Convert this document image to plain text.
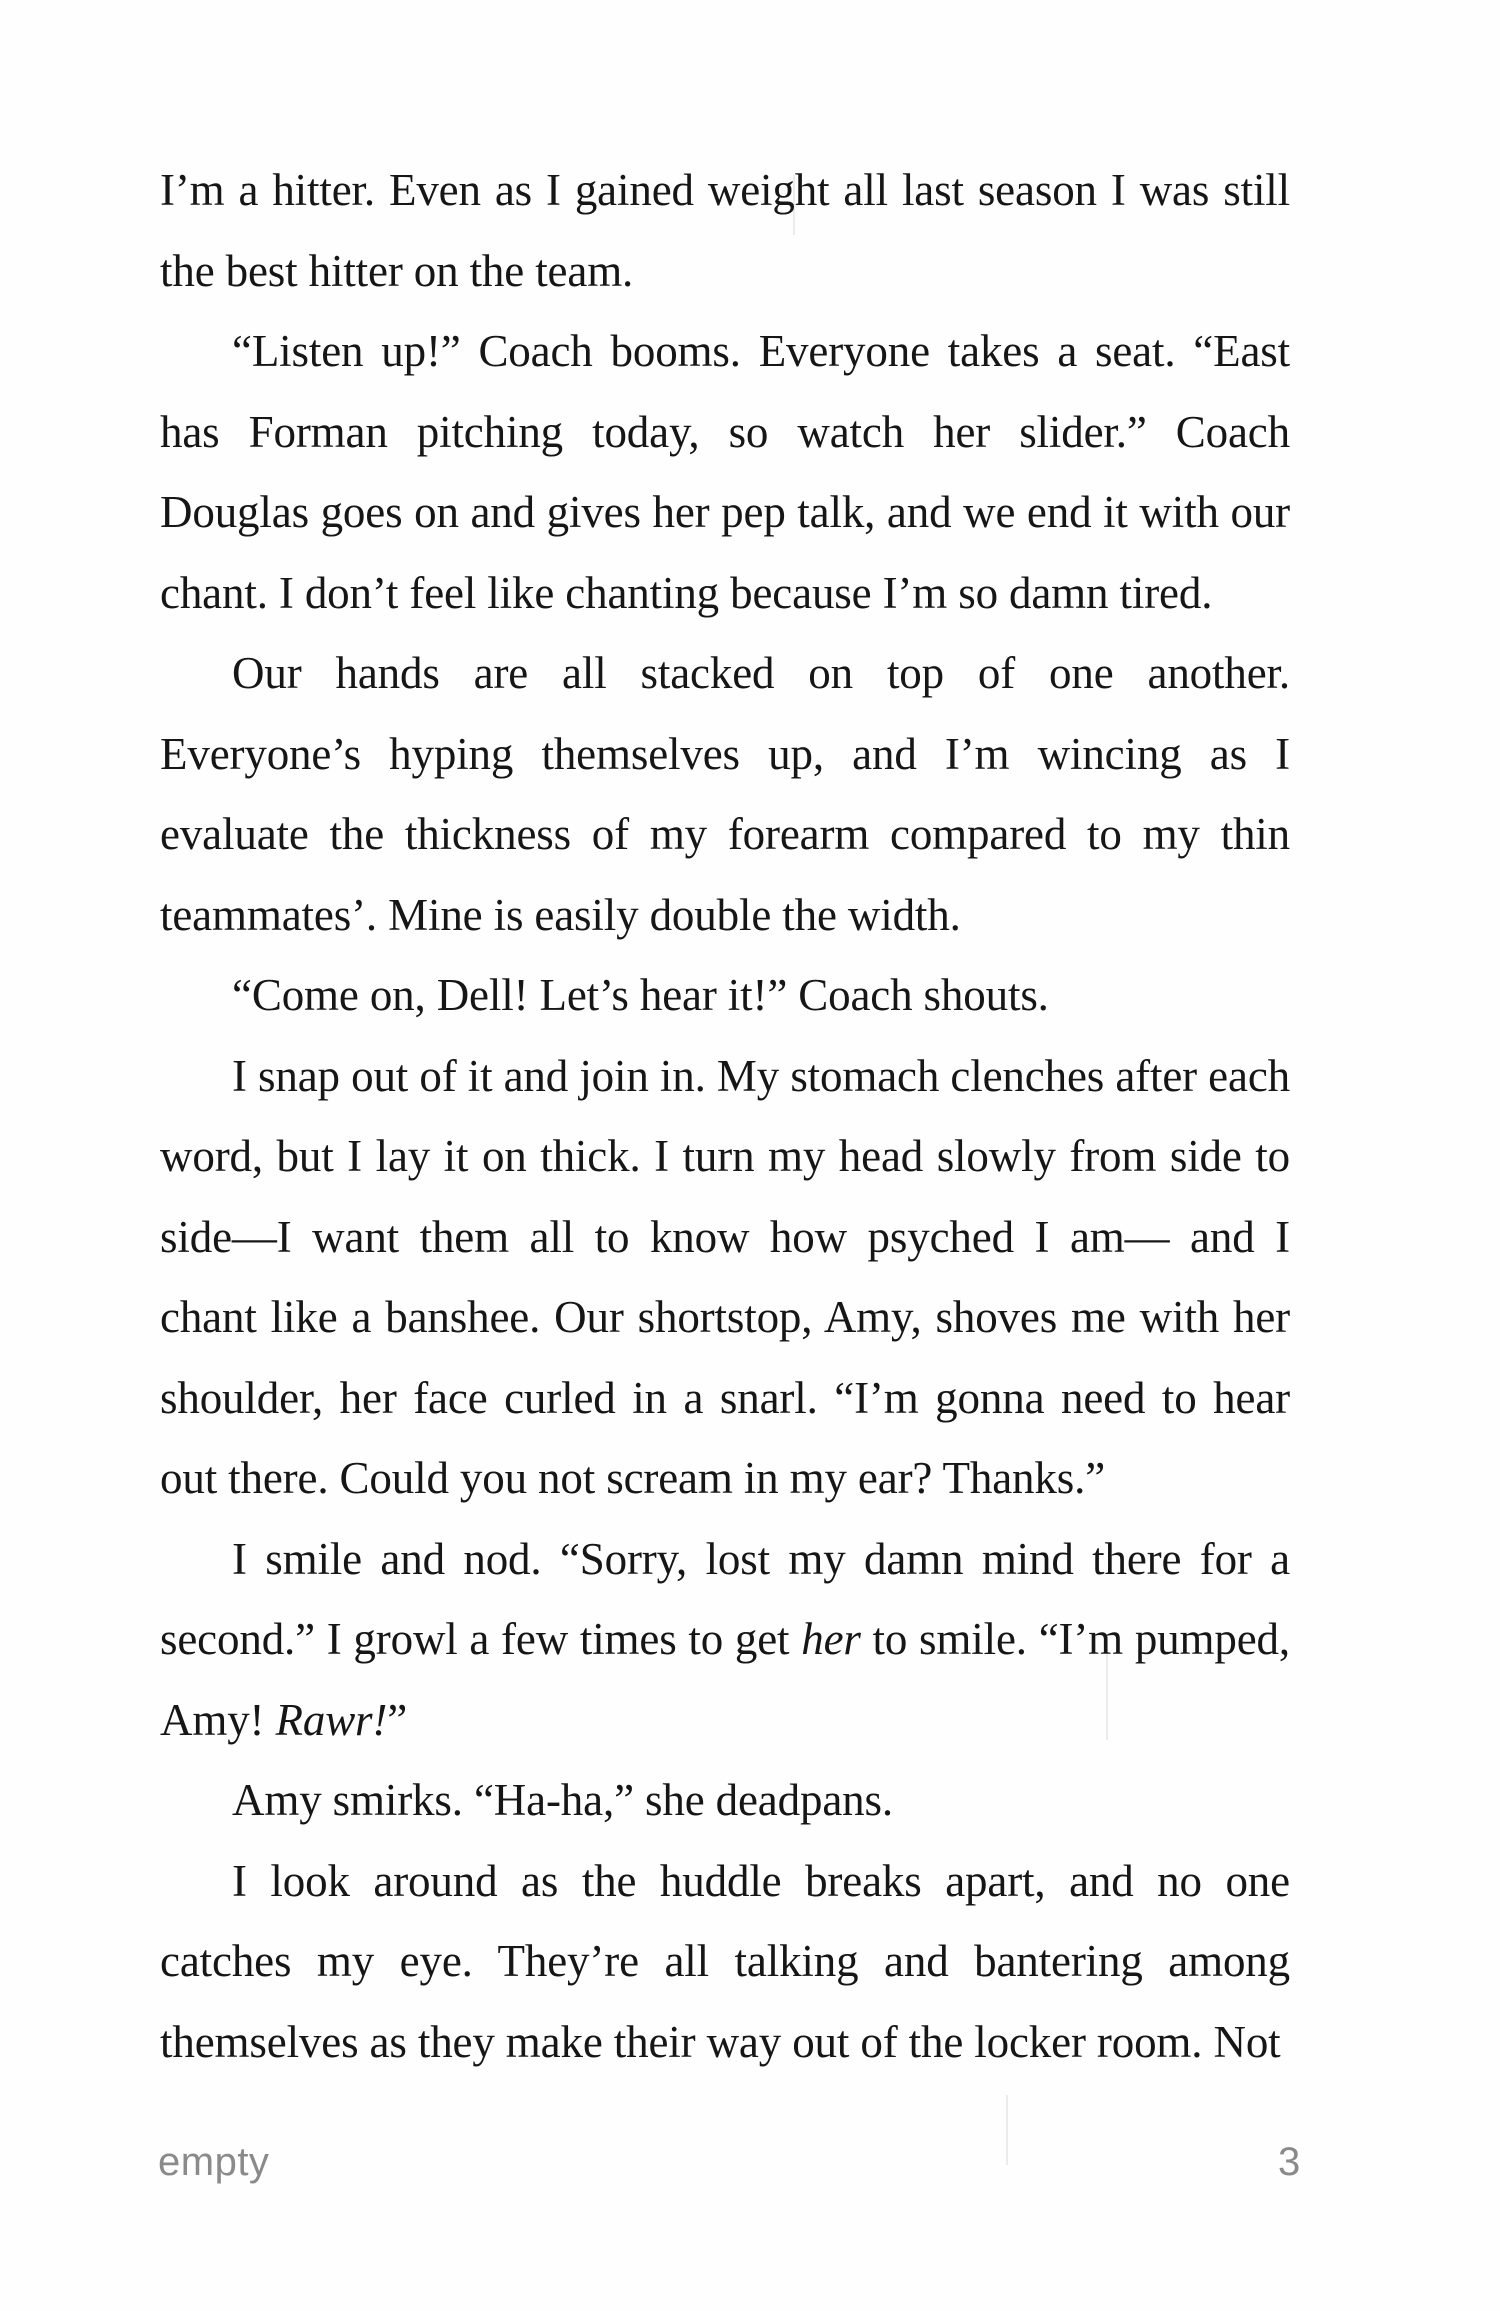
I’m a hitter. Even as I gained weight all last season I was still the best hitter on the team.

“Listen up!” Coach booms. Everyone takes a seat. “East has Forman pitching today, so watch her slider.” Coach Douglas goes on and gives her pep talk, and we end it with our chant. I don’t feel like chanting because I’m so damn tired.

Our hands are all stacked on top of one another. Everyone’s hyping themselves up, and I’m wincing as I evaluate the thickness of my forearm compared to my thin teammates’. Mine is easily double the width.

“Come on, Dell! Let’s hear it!” Coach shouts.

I snap out of it and join in. My stomach clenches after each word, but I lay it on thick. I turn my head slowly from side to side—I want them all to know how psyched I am— and I chant like a banshee. Our shortstop, Amy, shoves me with her shoulder, her face curled in a snarl. “I’m gonna need to hear out there. Could you not scream in my ear? Thanks.”

I smile and nod. “Sorry, lost my damn mind there for a second.” I growl a few times to get her to smile. “I’m pumped, Amy! Rawr!”

Amy smirks. “Ha-ha,” she deadpans.

I look around as the huddle breaks apart, and no one catches my eye. They’re all talking and bantering among themselves as they make their way out of the locker room. Not

empty	3
